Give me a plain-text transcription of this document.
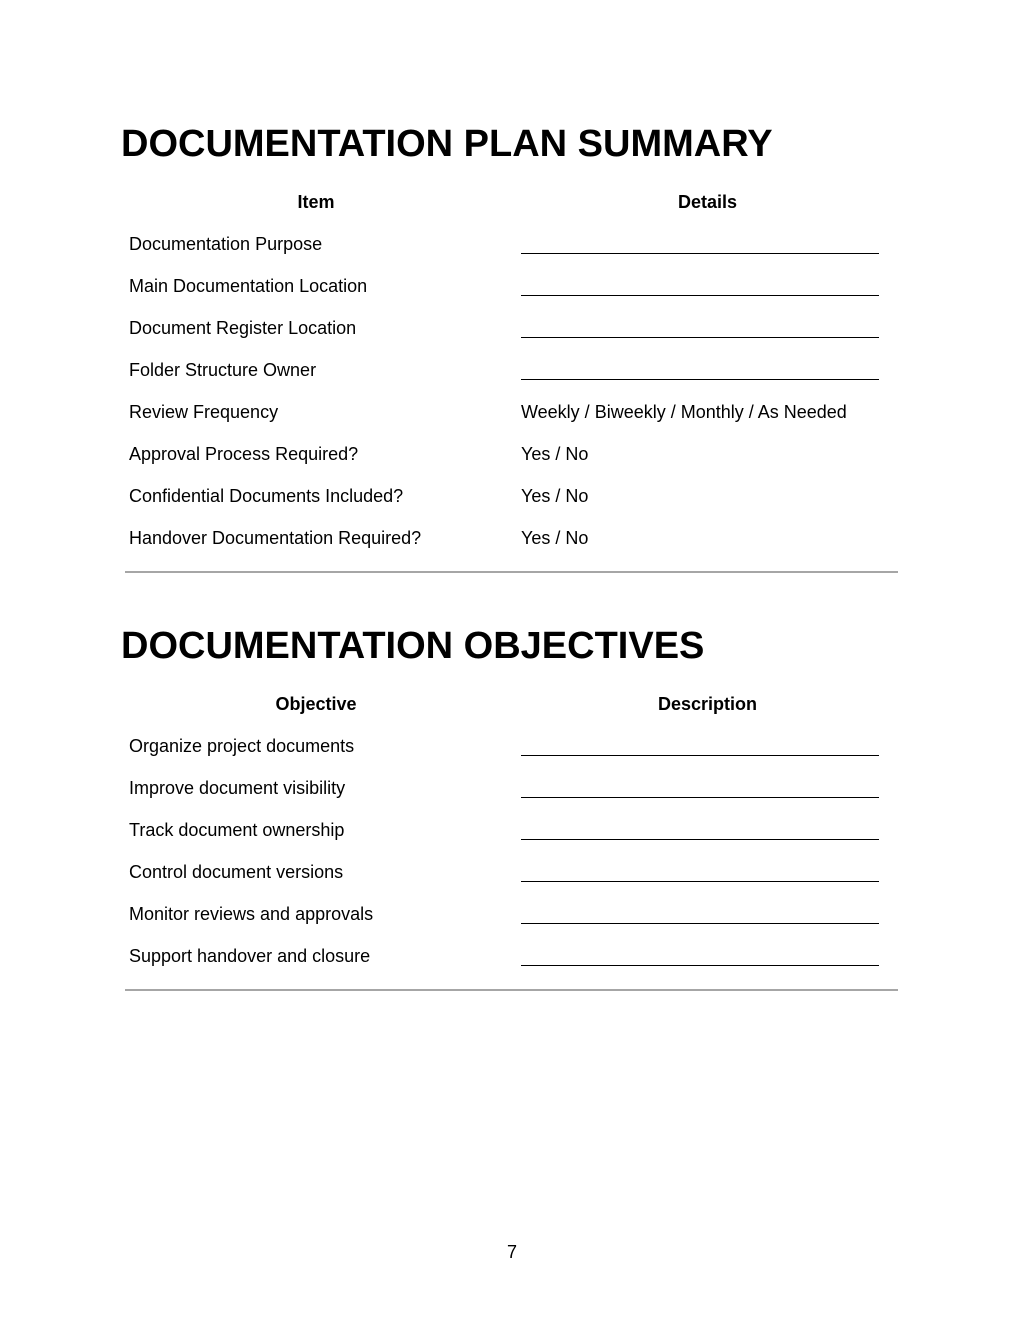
DOCUMENTATION PLAN SUMMARY
Item	Details
Documentation Purpose
Main Documentation Location
Document Register Location
Folder Structure Owner
Review Frequency	Weekly / Biweekly / Monthly / As Needed
Approval Process Required?	Yes / No
Confidential Documents Included?	Yes / No
Handover Documentation Required?	Yes / No
DOCUMENTATION OBJECTIVES
Objective	Description
Organize project documents
Improve document visibility
Track document ownership
Control document versions
Monitor reviews and approvals
Support handover and closure
7
